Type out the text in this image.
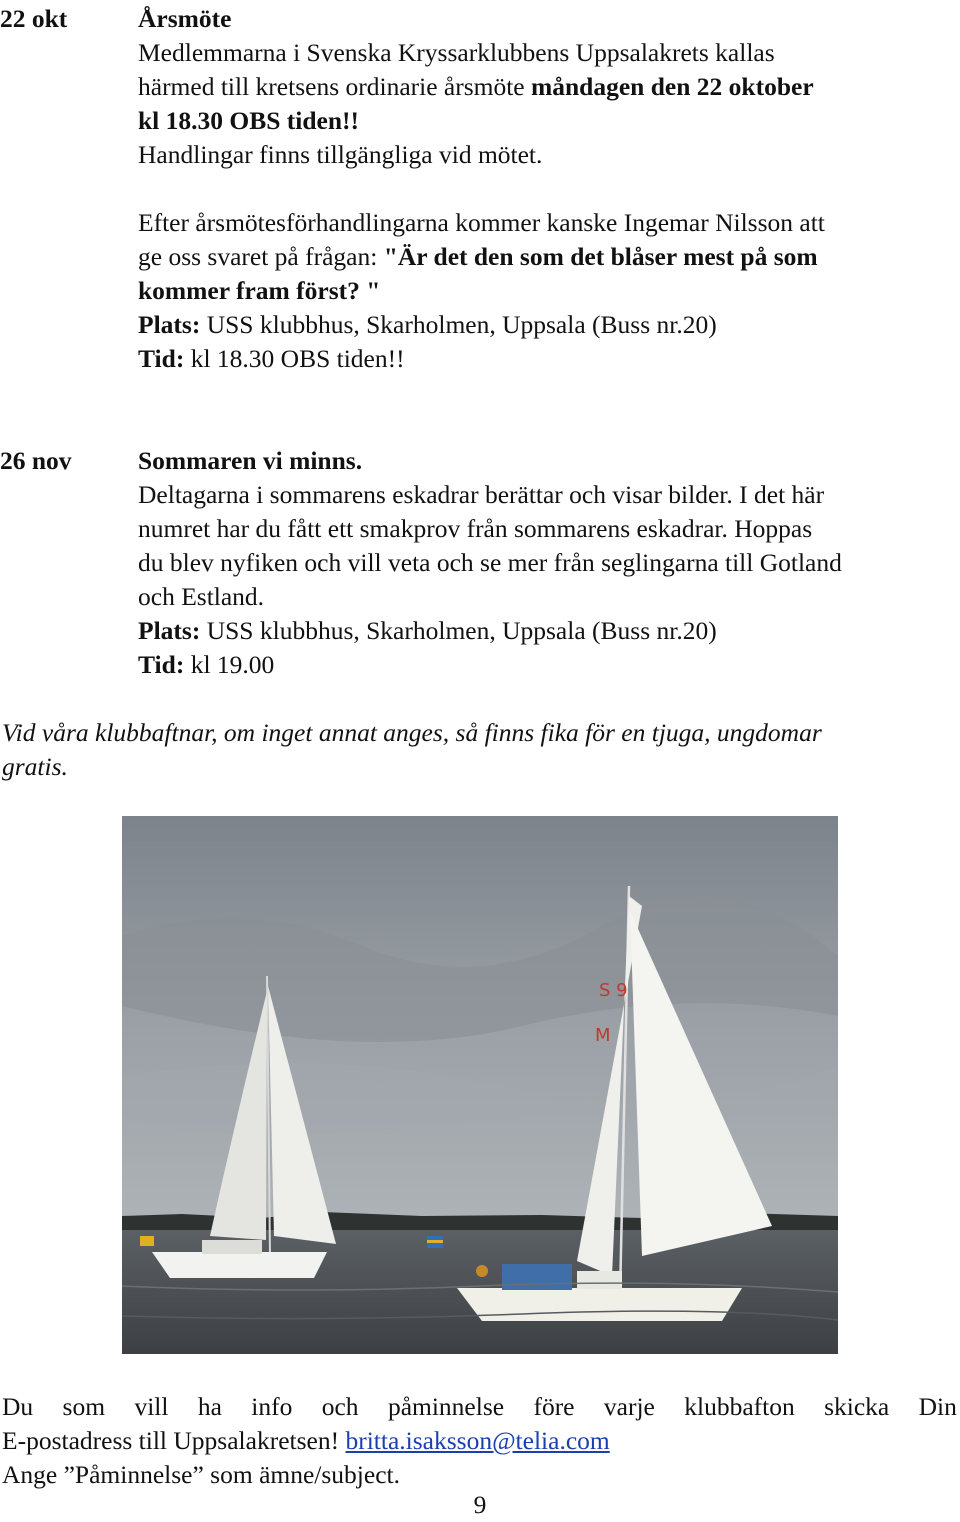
22 okt	Årsmöte
Medlemmarna i Svenska Kryssarklubbens Uppsalakrets kallas
härmed till kretsens ordinarie årsmöte måndagen den 22 oktober
kl 18.30 OBS tiden!!
Handlingar finns tillgängliga vid mötet.
Efter årsmötesförhandlingarna kommer kanske Ingemar Nilsson att
ge oss svaret på frågan: "Är det den som det blåser mest på som
kommer fram först? "
Plats: USS klubbhus, Skarholmen, Uppsala (Buss nr.20)
Tid: kl 18.30 OBS tiden!!
26 nov	Sommaren vi minns.
Deltagarna i sommarens eskadrar berättar och visar bilder. I det här
numret har du fått ett smakprov från sommarens eskadrar. Hoppas
du blev nyfiken och vill veta och se mer från seglingarna till Gotland
och Estland.
Plats: USS klubbhus, Skarholmen, Uppsala (Buss nr.20)
Tid: kl 19.00
Vid våra klubbaftnar, om inget annat anges, så finns fika för en tjuga, ungdomar
gratis.
S 9
M
Du som vill ha info och påminnelse före varje klubbafton skicka Din
E-postadress till Uppsalakretsen! britta.isaksson@telia.com
Ange ”Påminnelse” som ämne/subject.
9
